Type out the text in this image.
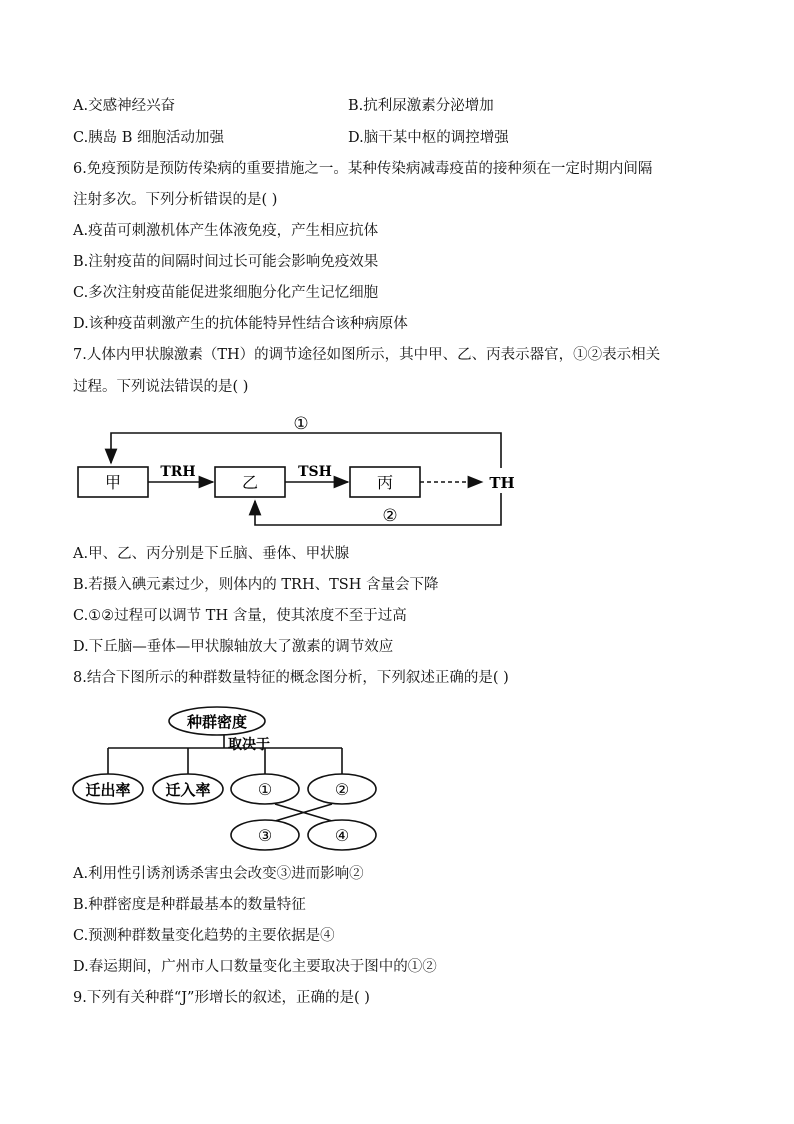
A.交感神经兴奋	B.抗利尿激素分泌增加
C.胰岛 B 细胞活动加强	D.脑干某中枢的调控增强
6.免疫预防是预防传染病的重要措施之一。某种传染病减毒疫苗的接种须在一定时期内间隔
注射多次。下列分析错误的是( )
A.疫苗可刺激机体产生体液免疫，产生相应抗体
B.注射疫苗的间隔时间过长可能会影响免疫效果
C.多次注射疫苗能促进浆细胞分化产生记忆细胞
D.该种疫苗刺激产生的抗体能特异性结合该种病原体
7.人体内甲状腺激素（TH）的调节途径如图所示，其中甲、乙、丙表示器官，①②表示相关
过程。下列说法错误的是( )
①
②
甲	乙	丙
TRH	TSH
TH
A.甲、乙、丙分别是下丘脑、垂体、甲状腺
B.若摄入碘元素过少，则体内的 TRH、TSH 含量会下降
C.①②过程可以调节 TH 含量，使其浓度不至于过高
D.下丘脑—垂体—甲状腺轴放大了激素的调节效应
8.结合下图所示的种群数量特征的概念图分析，下列叙述正确的是( )
种群密度
取决于
迁出率 迁入率	①	②
③	④
A.利用性引诱剂诱杀害虫会改变③进而影响②
B.种群密度是种群最基本的数量特征
C.预测种群数量变化趋势的主要依据是④
D.春运期间，广州市人口数量变化主要取决于图中的①②
9.下列有关种群“J”形增长的叙述，正确的是( )
